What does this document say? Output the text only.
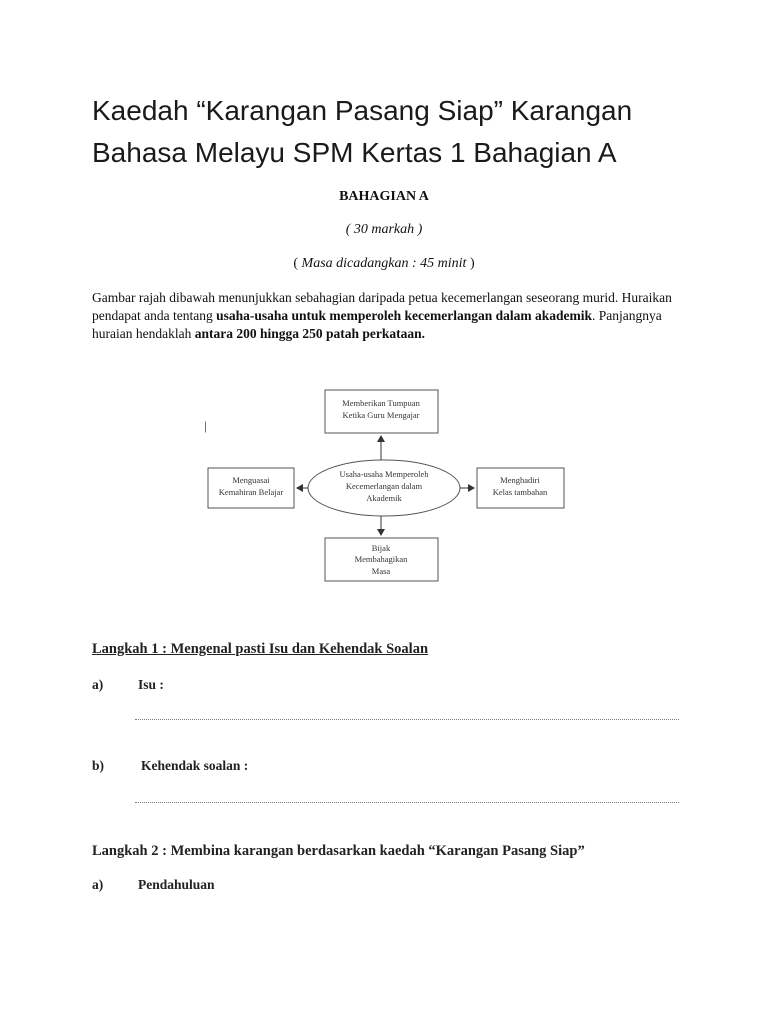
Kaedah “Karangan Pasang Siap” Karangan Bahasa Melayu SPM Kertas 1 Bahagian A
BAHAGIAN A
( 30 markah )
( Masa dicadangkan : 45 minit )
Gambar rajah dibawah menunjukkan sebahagian daripada petua kecemerlangan seseorang murid. Huraikan pendapat anda tentang usaha-usaha untuk memperoleh kecemerlangan dalam akademik. Panjangnya huraian hendaklah antara 200 hingga 250 patah perkataan.
Usaha-usaha Memperoleh
Kecemerlangan dalam
Akademik
Memberikan Tumpuan
Ketika Guru Mengajar
Menguasai
Kemahiran Belajar
Menghadiri
Kelas tambahan
Bijak
Membahagikan
Masa
|
Langkah 1 : Mengenal pasti Isu dan Kehendak Soalan
a)	Isu :
b)	Kehendak soalan :
Langkah 2 : Membina karangan berdasarkan kaedah “Karangan Pasang Siap”
a)	Pendahuluan
